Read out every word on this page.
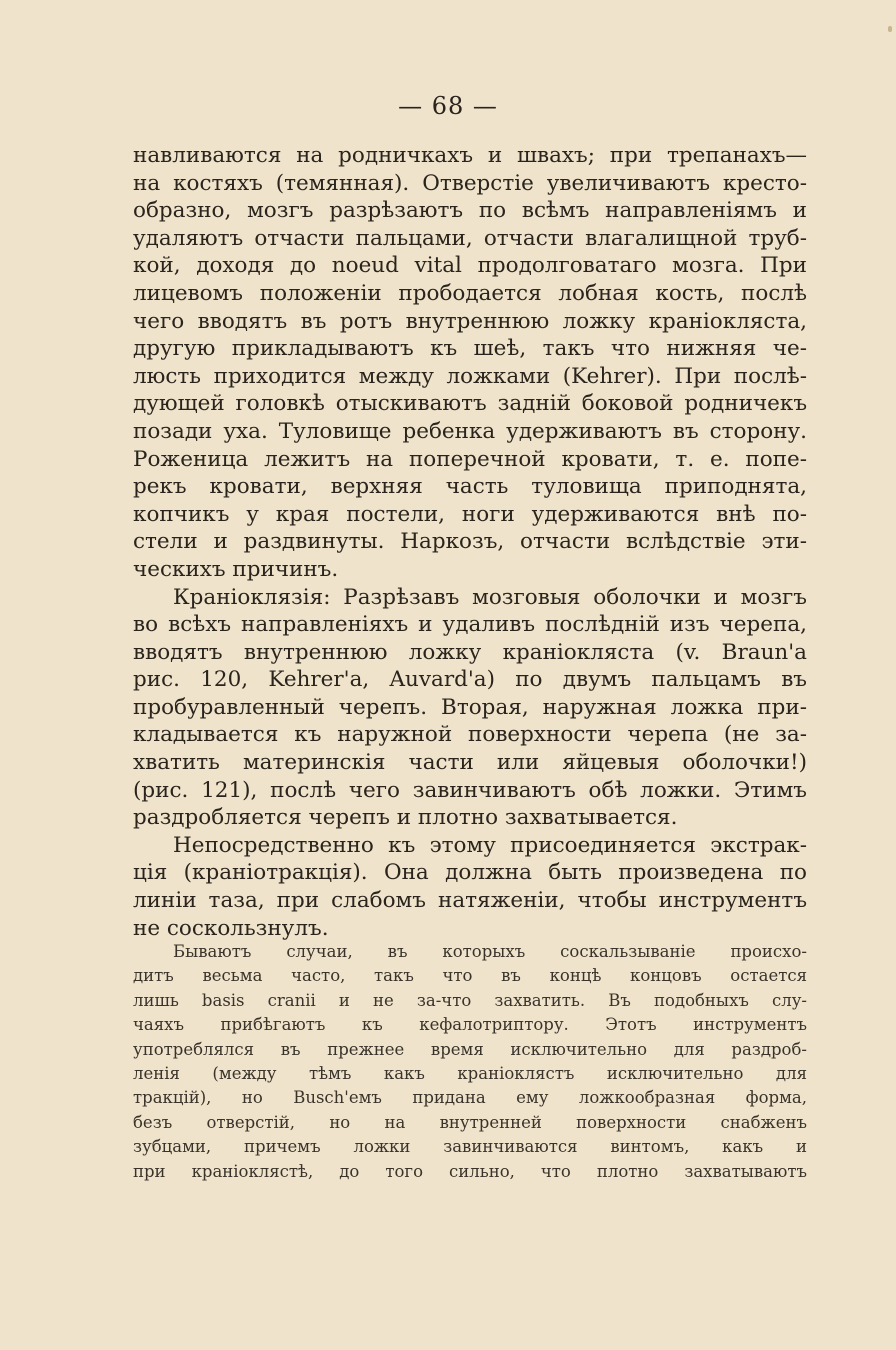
— 68 —
навливаются на родничкахъ и швахъ; при трепанахъ—
на костяхъ (темянная). Отверстіе увеличиваютъ кресто-
образно, мозгъ разрѣзаютъ по всѣмъ направленіямъ и
удаляютъ отчасти пальцами, отчасти влагалищной труб-
кой, доходя до noeud vital продолговатаго мозга. При
лицевомъ положеніи прободается лобная кость, послѣ
чего вводятъ въ ротъ внутреннюю ложку краніокляста,
другую прикладываютъ къ шеѣ, такъ что нижняя че-
люсть приходится между ложками (Kehrer). При послѣ-
дующей головкѣ отыскиваютъ задній боковой родничекъ
позади уха. Туловище ребенка удерживаютъ въ сторону.
Роженица лежитъ на поперечной кровати, т. е. попе-
рекъ кровати, верхняя часть туловища приподнята,
копчикъ у края постели, ноги удерживаются внѣ по-
стели и раздвинуты. Наркозъ, отчасти вслѣдствіе эти-
ческихъ причинъ.
Краніоклязія: Разрѣзавъ мозговыя оболочки и мозгъ
во всѣхъ направленіяхъ и удаливъ послѣдній изъ черепа,
вводятъ внутреннюю ложку краніокляста (v. Braun'а
рис. 120, Kehrer'а, Auvard'а) по двумъ пальцамъ въ
пробуравленный черепъ. Вторая, наружная ложка при-
кладывается къ наружной поверхности черепа (не за-
хватить материнскія части или яйцевыя оболочки!)
(рис. 121), послѣ чего завинчиваютъ обѣ ложки. Этимъ
раздробляется черепъ и плотно захватывается.
Непосредственно къ этому присоединяется экстрак-
ція (краніотракція). Она должна быть произведена по
линіи таза, при слабомъ натяженіи, чтобы инструментъ
не соскользнулъ.
Бываютъ случаи, въ которыхъ соскальзываніе происхо-
дитъ весьма часто, такъ что въ концѣ концовъ остается
лишь basis cranii и не за-что захватить. Въ подобныхъ слу-
чаяхъ прибѣгаютъ къ кефалотриптору. Этотъ инструментъ
употреблялся въ прежнее время исключительно для раздроб-
ленія (между тѣмъ какъ краніоклястъ исключительно для
тракцій), но Busch'емъ придана ему ложкообразная форма,
безъ отверстій, но на внутренней поверхности снабженъ
зубцами, причемъ ложки завинчиваются винтомъ, какъ и
при краніоклястѣ, до того сильно, что плотно захватываютъ
